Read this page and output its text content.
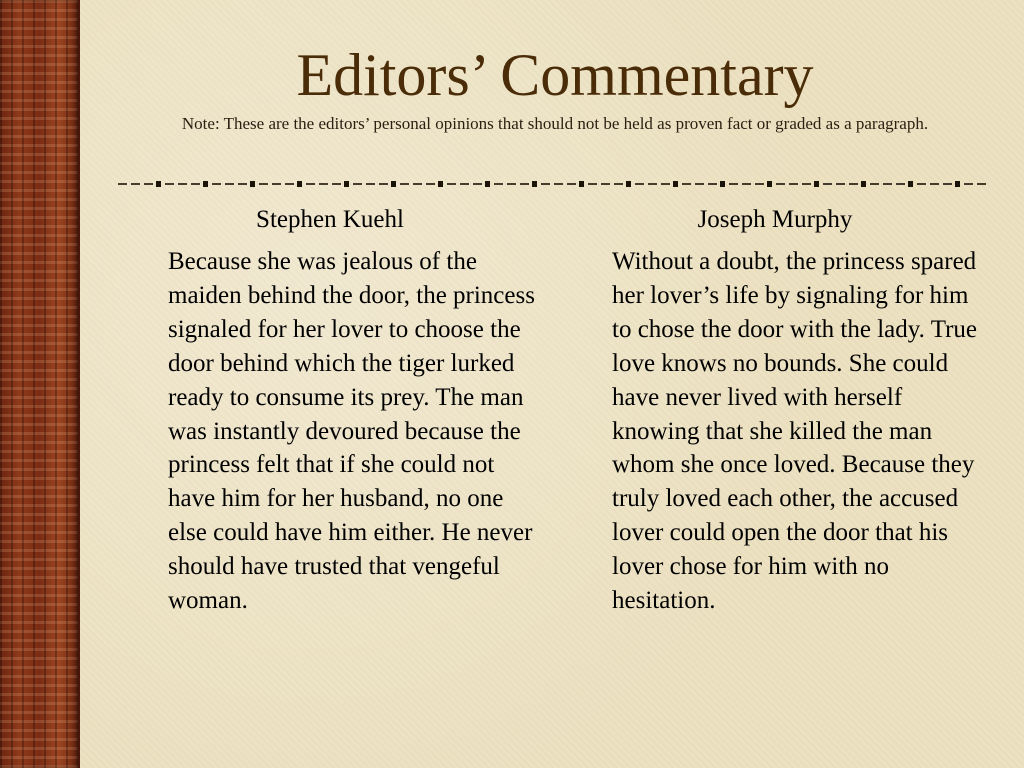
Editors’ Commentary
Note: These are the editors’ personal opinions that should not be held as proven fact or graded as a paragraph.
Stephen Kuehl
Because she was jealous of the maiden behind the door, the princess signaled for her lover to choose the door behind which the tiger lurked ready to consume its prey. The man was instantly devoured because the princess felt that if she could not have him for her husband, no one else could have him either. He never should have trusted that vengeful woman.
Joseph Murphy
Without a doubt, the princess spared her lover’s life by signaling for him to chose the door with the lady. True love knows no bounds. She could have never lived with herself knowing that she killed the man whom she once loved. Because they truly loved each other, the accused lover could open the door that his lover chose for him with no hesitation.
